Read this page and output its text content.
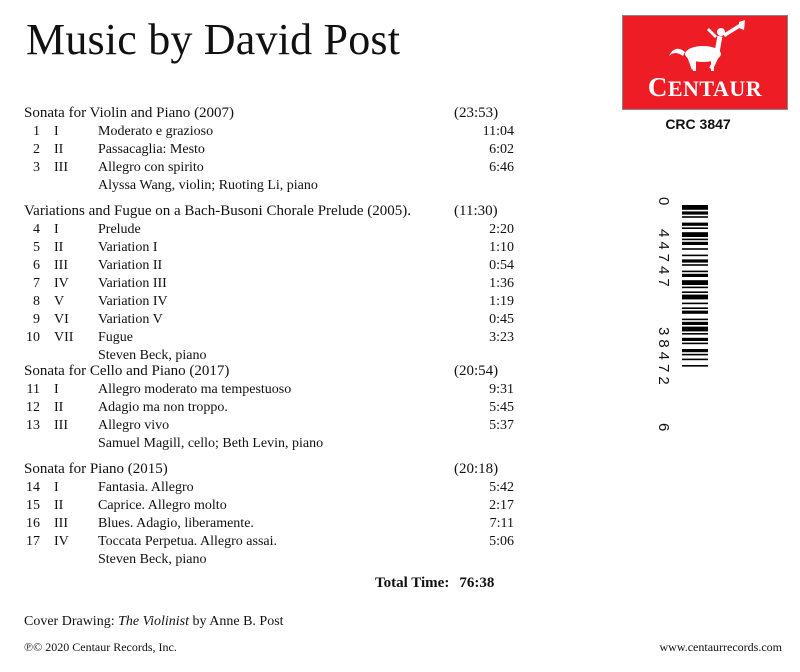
Music by David Post
CENTAUR
CRC 3847
Sonata for Violin and Piano (2007)	(23:53)
1 I	Moderato e grazioso	11:04
2 II Passacaglia: Mesto	6:02
3 III Allegro con spirito	6:46
Alyssa Wang, violin; Ruoting Li, piano
Variations and Fugue on a Bach-Busoni Chorale Prelude (2005).	(11:30)
4 I	Prelude	2:20
5 II Variation I	1:10
6 III Variation II	0:54
7 IV Variation III	1:36
8 V Variation IV	1:19
9 VI Variation V	0:45
10 VII Fugue	3:23
Steven Beck, piano
Sonata for Cello and Piano (2017)	(20:54)
11 I	Allegro moderato ma tempestuoso	9:31
12 II Adagio ma non troppo.	5:45
13 III Allegro vivo	5:37
Samuel Magill, cello; Beth Levin, piano
Sonata for Piano (2015)	(20:18)
14 I	Fantasia. Allegro	5:42
15 II Caprice. Allegro molto	2:17
16 III Blues. Adagio, liberamente.	7:11
17 IV Toccata Perpetua. Allegro assai.	5:06
Steven Beck, piano
Total Time: 76:38
Cover Drawing: The Violinist by Anne B. Post
℗© 2020 Centaur Records, Inc.	www.centaurrecords.com
0
44747
38472
6
